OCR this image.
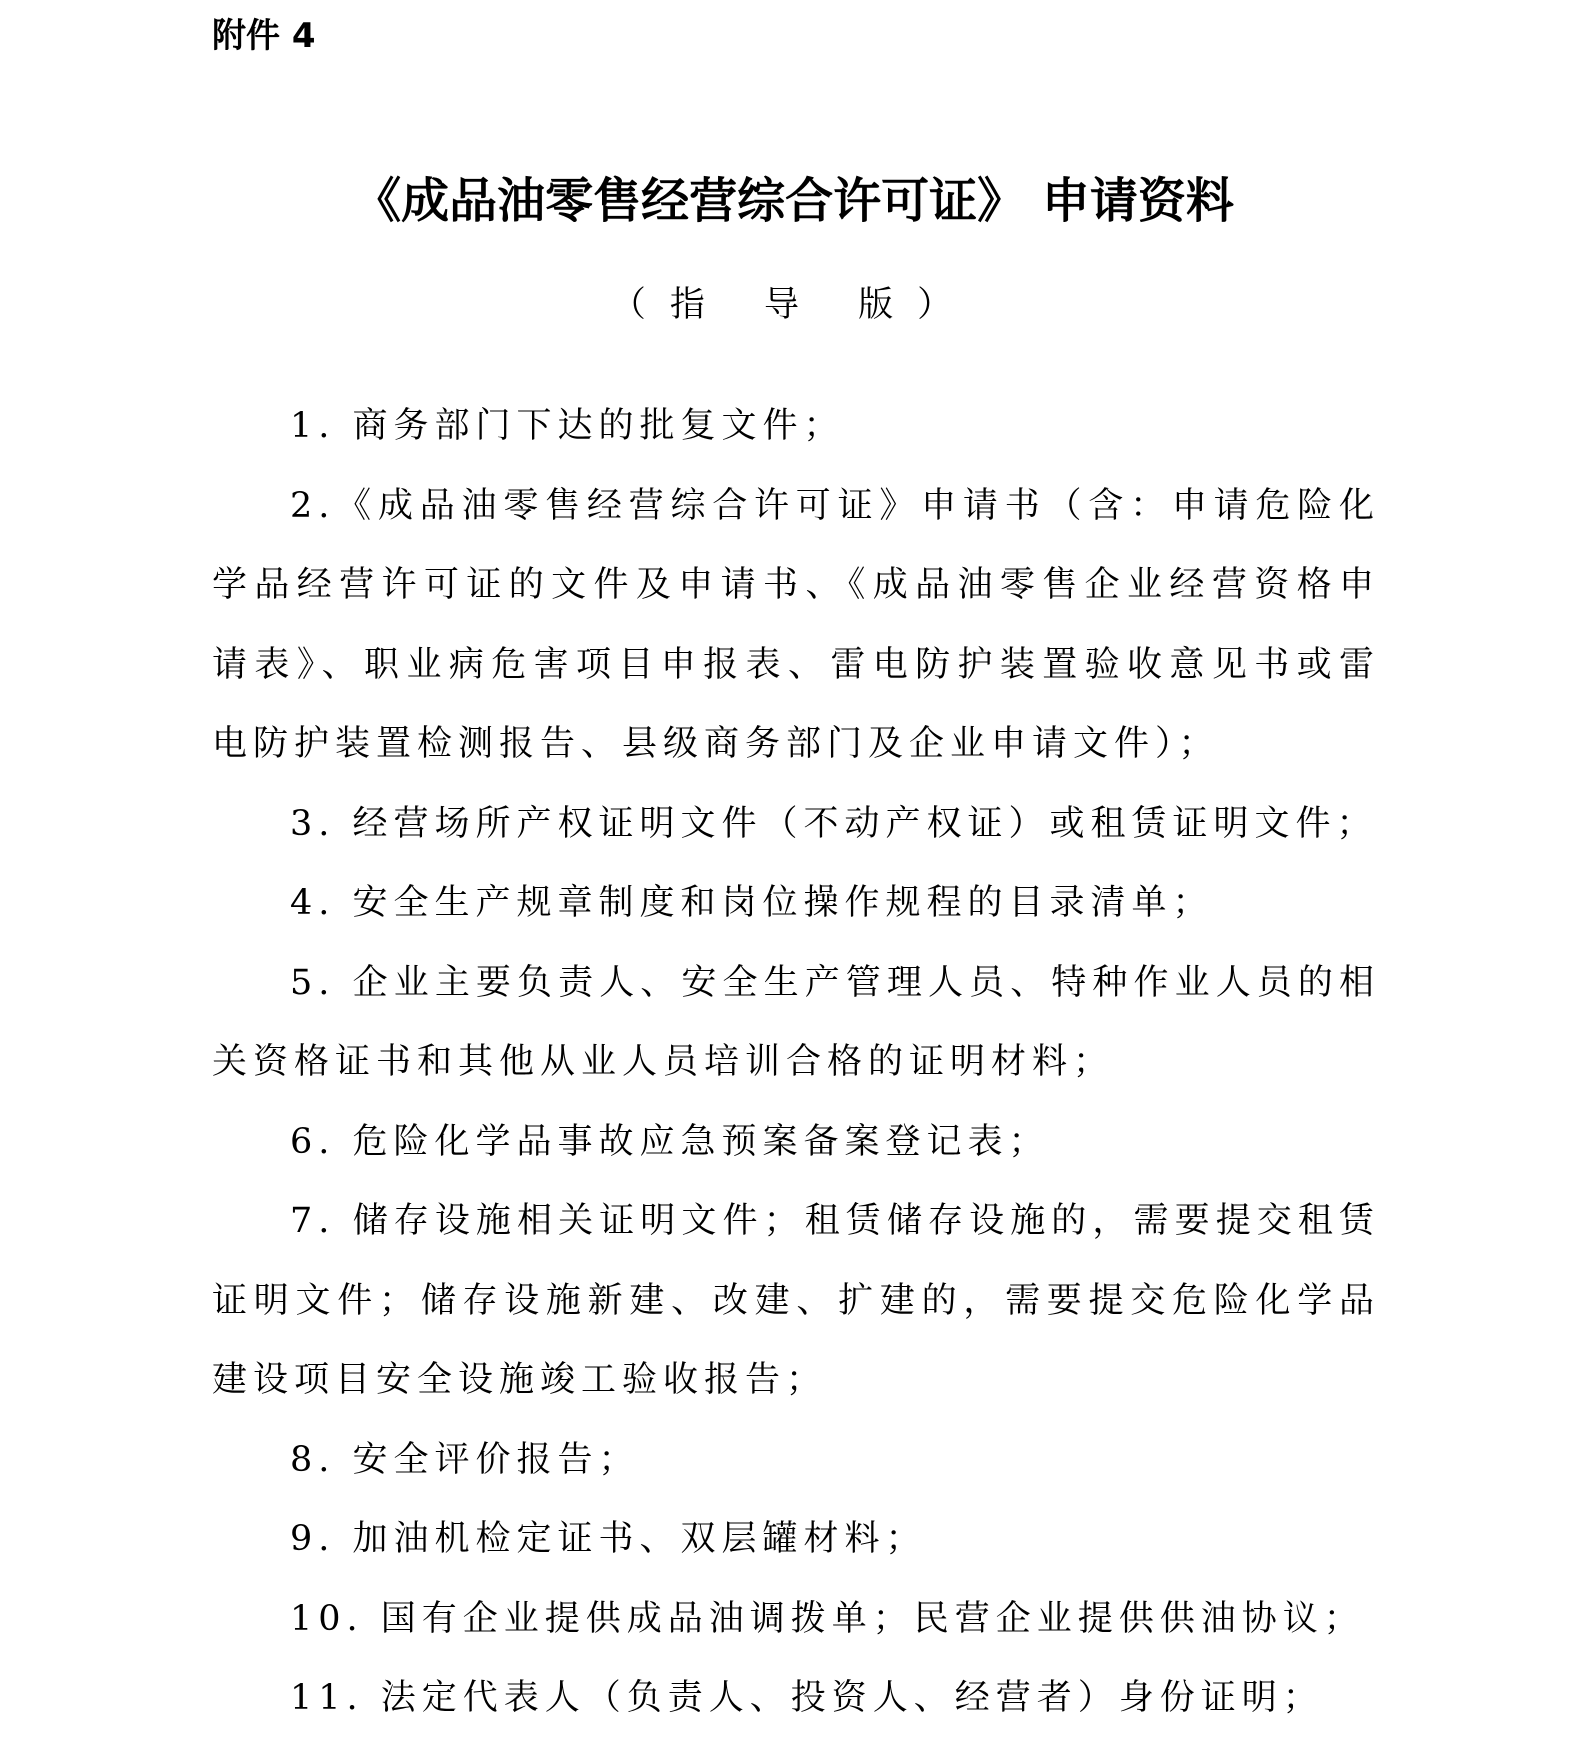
附件 4
《成品油零售经营综合许可证》 申请资料
（指 导 版）

1. 商务部门下达的批复文件；

2.《成品油零售经营综合许可证》申请书（含：申请危险化学品经营许可证的文件及申请书、《成品油零售企业经营资格申请表》、职业病危害项目申报表、雷电防护装置验收意见书或雷电防护装置检测报告、县级商务部门及企业申请文件）；

3. 经营场所产权证明文件（不动产权证）或租赁证明文件；

4. 安全生产规章制度和岗位操作规程的目录清单；

5. 企业主要负责人、安全生产管理人员、特种作业人员的相关资格证书和其他从业人员培训合格的证明材料；

6. 危险化学品事故应急预案备案登记表；

7. 储存设施相关证明文件；租赁储存设施的，需要提交租赁证明文件；储存设施新建、改建、扩建的，需要提交危险化学品建设项目安全设施竣工验收报告；

8. 安全评价报告；

9. 加油机检定证书、双层罐材料；

10. 国有企业提供成品油调拨单；民营企业提供供油协议；

11. 法定代表人（负责人、投资人、经营者）身份证明；
